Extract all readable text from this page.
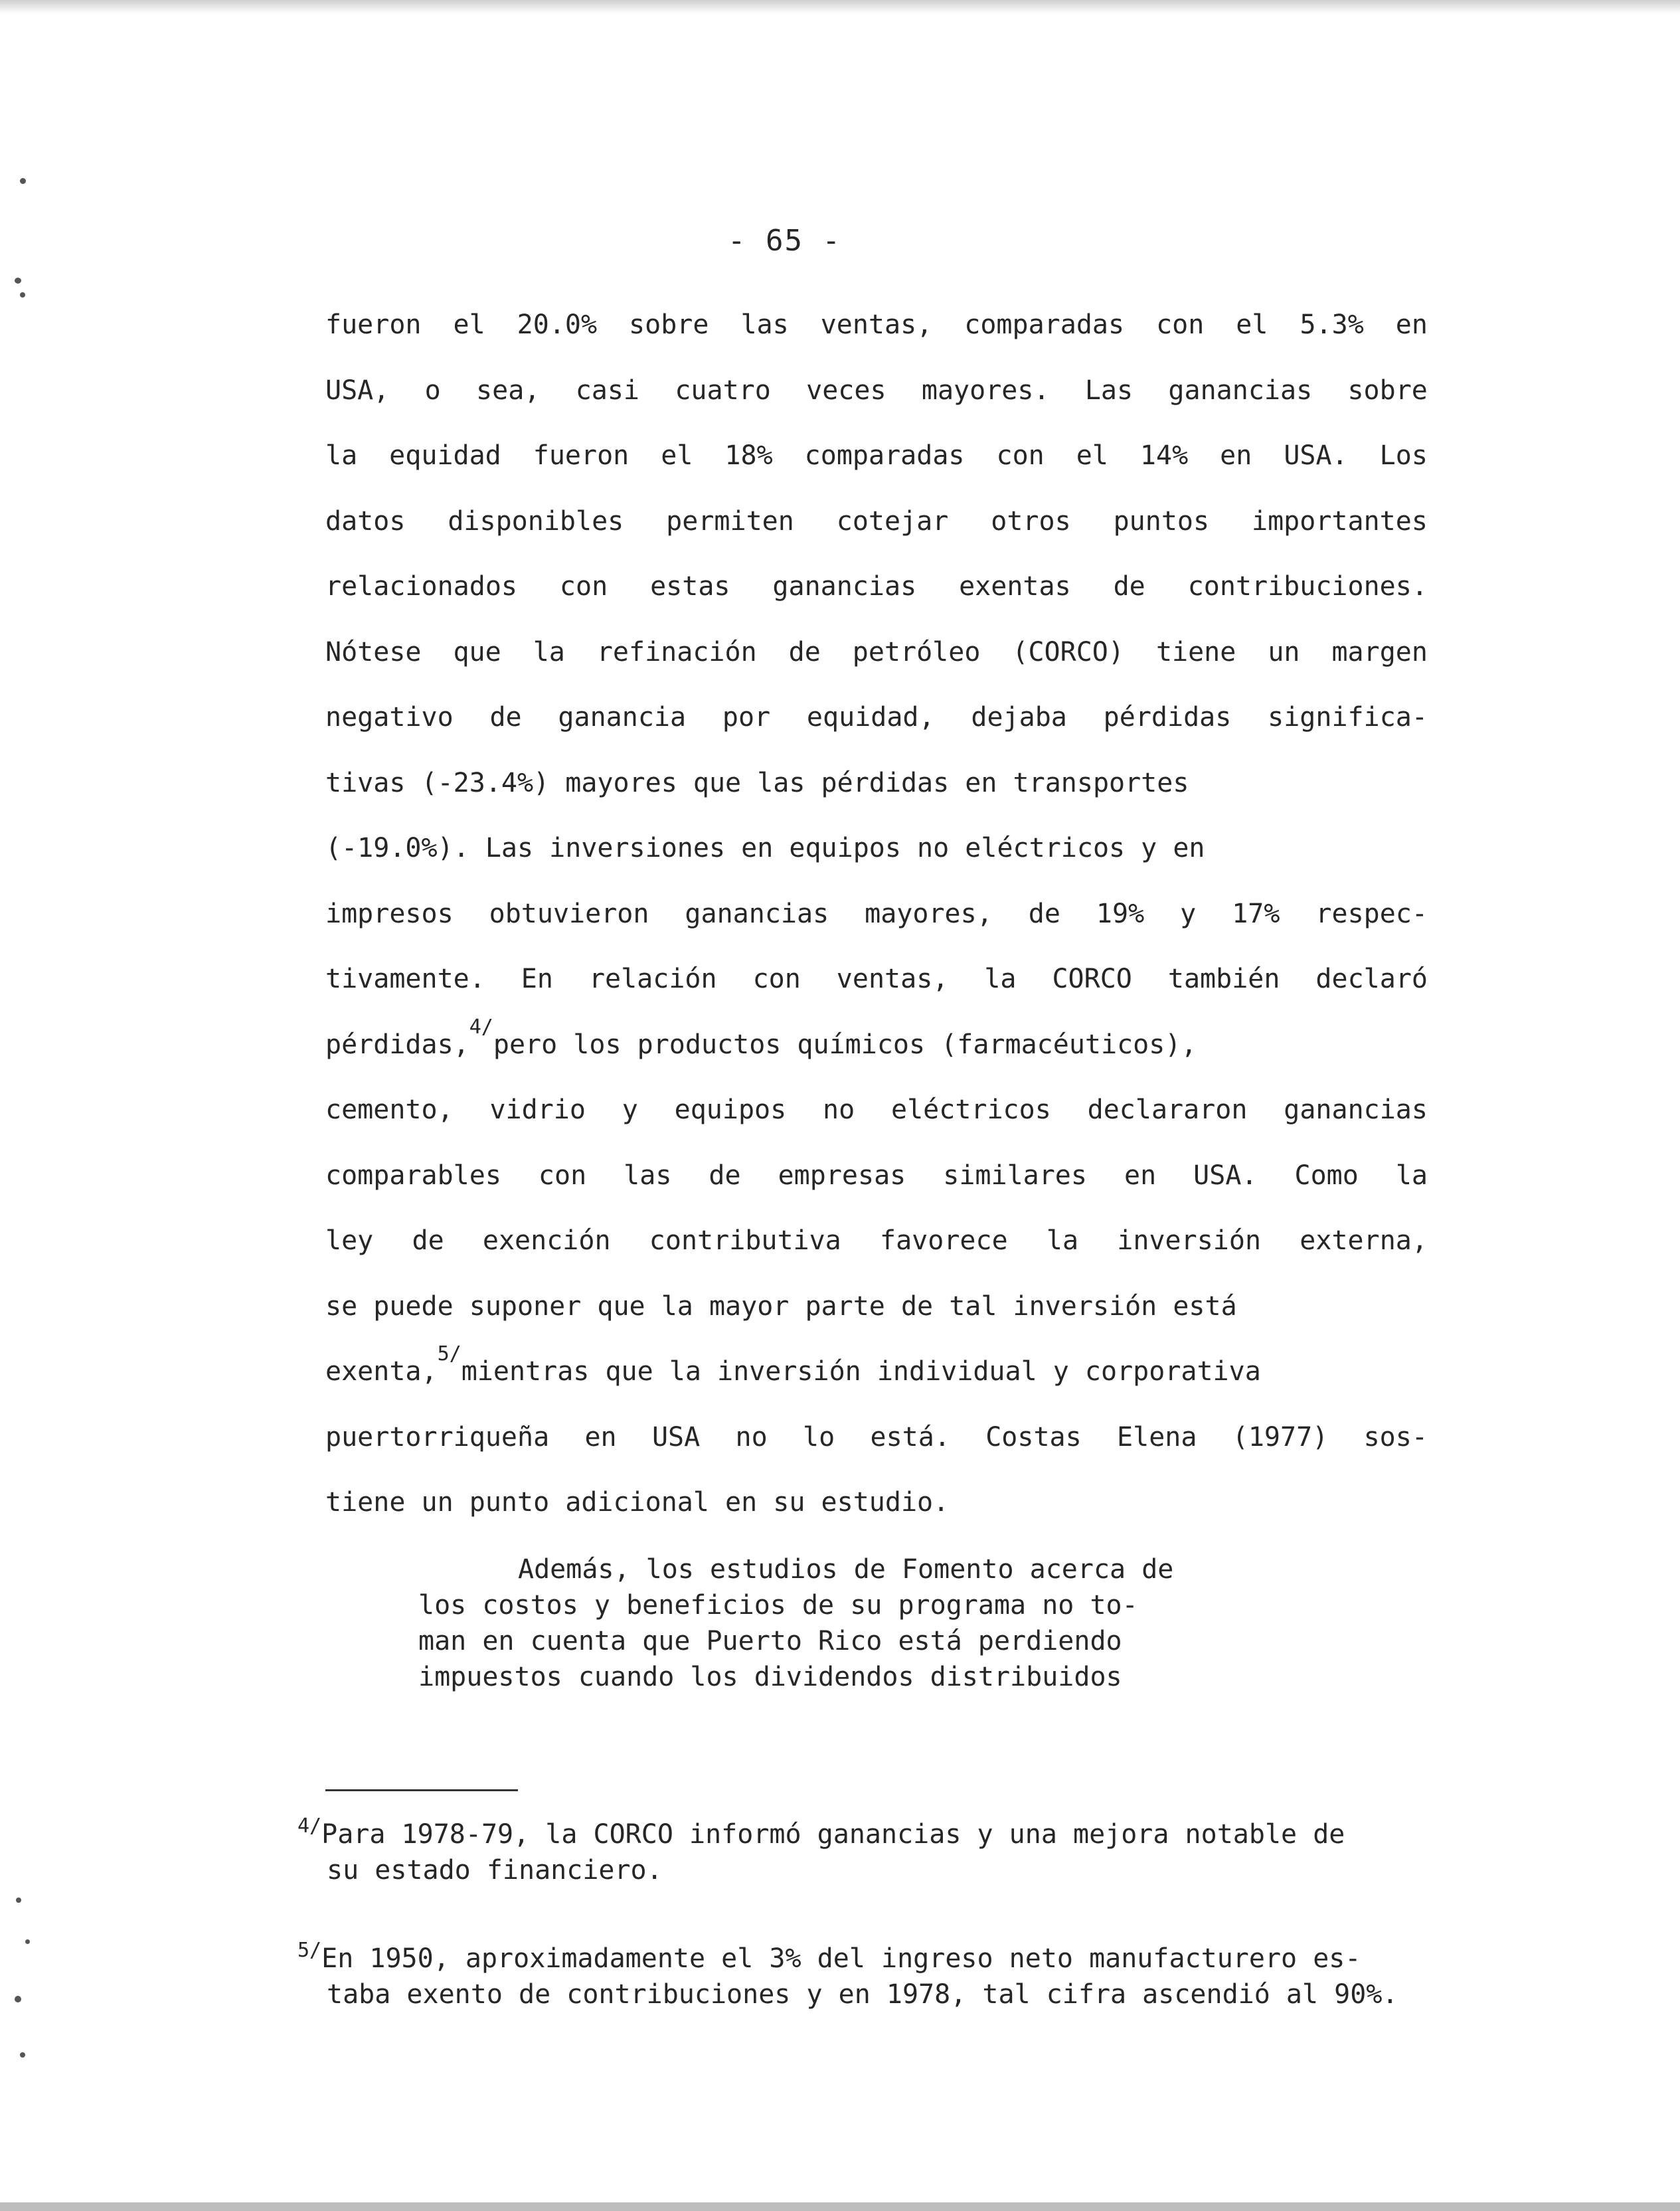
- 65 -
fueron el 20.0% sobre las ventas, comparadas con el 5.3% en
USA, o sea, casi cuatro veces mayores. Las ganancias sobre
la equidad fueron el 18% comparadas con el 14% en USA. Los
datos disponibles permiten cotejar otros puntos importantes
relacionados con estas ganancias exentas de contribuciones.
Nótese que la refinación de petróleo (CORCO) tiene un margen
negativo de ganancia por equidad, dejaba pérdidas significa-
tivas (-23.4%) mayores que las pérdidas en transportes
(-19.0%). Las inversiones en equipos no eléctricos y en
impresos obtuvieron ganancias mayores, de 19% y 17% respec-
tivamente. En relación con ventas, la CORCO también declaró
pérdidas,$^{4/}$pero los productos químicos (farmacéuticos),
cemento, vidrio y equipos no eléctricos declararon ganancias
comparables con las de empresas similares en USA. Como la
ley de exención contributiva favorece la inversión externa,
se puede suponer que la mayor parte de tal inversión está
exenta,$^{5/}$mientras que la inversión individual y corporativa
puertorriqueña en USA no lo está. Costas Elena (1977) sos-
tiene un punto adicional en su estudio.
Además, los estudios de Fomento acerca de
los costos y beneficios de su programa no to-
man en cuenta que Puerto Rico está perdiendo
impuestos cuando los dividendos distribuidos
$^{4/}$Para 1978-79, la CORCO informó ganancias y una mejora notable de
su estado financiero.
$^{5/}$En 1950, aproximadamente el 3% del ingreso neto manufacturero es-
taba exento de contribuciones y en 1978, tal cifra ascendió al 90%.
